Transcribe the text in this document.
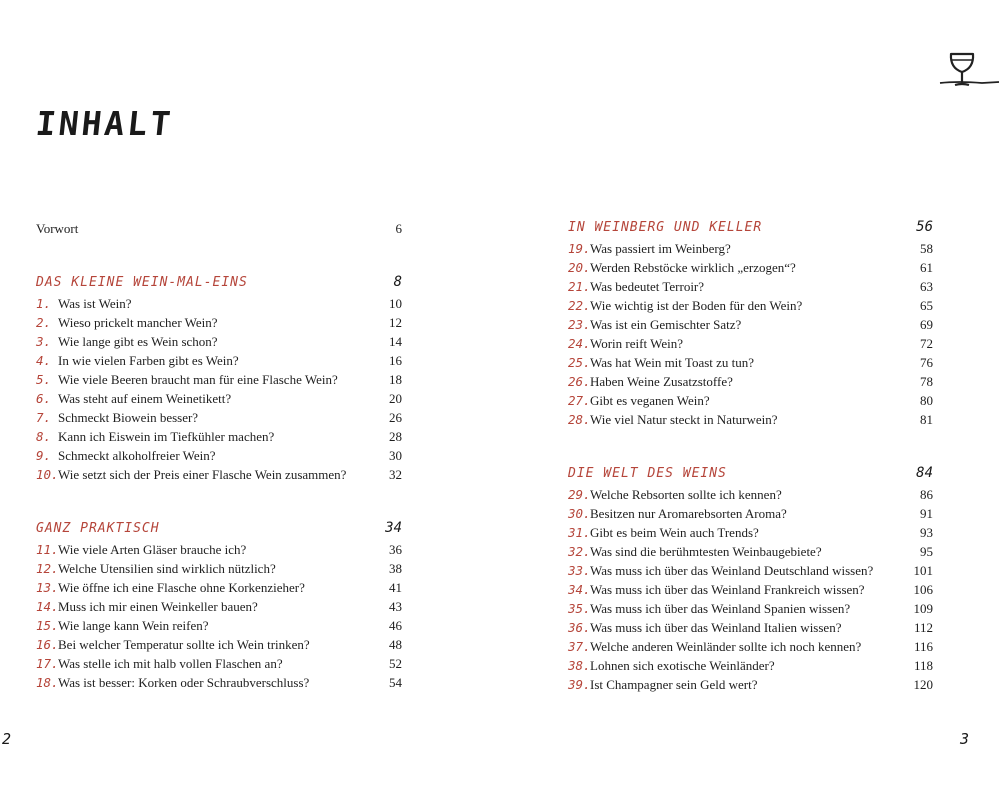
INHALT
Vorwort	6
DAS KLEINE WEIN-MAL-EINS	8
1. Was ist Wein?	10
2. Wieso prickelt mancher Wein?	12
3. Wie lange gibt es Wein schon?	14
4. In wie vielen Farben gibt es Wein?	16
5. Wie viele Beeren braucht man für eine Flasche Wein?	18
6. Was steht auf einem Weinetikett?	20
7. Schmeckt Biowein besser?	26
8. Kann ich Eiswein im Tiefkühler machen?	28
9. Schmeckt alkoholfreier Wein?	30
10. Wie setzt sich der Preis einer Flasche Wein zusammen?	32
GANZ PRAKTISCH	34
11. Wie viele Arten Gläser brauche ich?	36
12. Welche Utensilien sind wirklich nützlich?	38
13. Wie öffne ich eine Flasche ohne Korkenzieher?	41
14. Muss ich mir einen Weinkeller bauen?	43
15. Wie lange kann Wein reifen?	46
16. Bei welcher Temperatur sollte ich Wein trinken?	48
17. Was stelle ich mit halb vollen Flaschen an?	52
18. Was ist besser: Korken oder Schraubverschluss?	54
IN WEINBERG UND KELLER	56
19. Was passiert im Weinberg?	58
20. Werden Rebstöcke wirklich „erzogen“?	61
21. Was bedeutet Terroir?	63
22. Wie wichtig ist der Boden für den Wein?	65
23. Was ist ein Gemischter Satz?	69
24. Worin reift Wein?	72
25. Was hat Wein mit Toast zu tun?	76
26. Haben Weine Zusatzstoffe?	78
27. Gibt es veganen Wein?	80
28. Wie viel Natur steckt in Naturwein?	81
DIE WELT DES WEINS	84
29. Welche Rebsorten sollte ich kennen?	86
30. Besitzen nur Aromarebsorten Aroma?	91
31. Gibt es beim Wein auch Trends?	93
32. Was sind die berühmtesten Weinbaugebiete?	95
33. Was muss ich über das Weinland Deutschland wissen?	101
34. Was muss ich über das Weinland Frankreich wissen?	106
35. Was muss ich über das Weinland Spanien wissen?	109
36. Was muss ich über das Weinland Italien wissen?	112
37. Welche anderen Weinländer sollte ich noch kennen?	116
38. Lohnen sich exotische Weinländer?	118
39. Ist Champagner sein Geld wert?	120
2	3
